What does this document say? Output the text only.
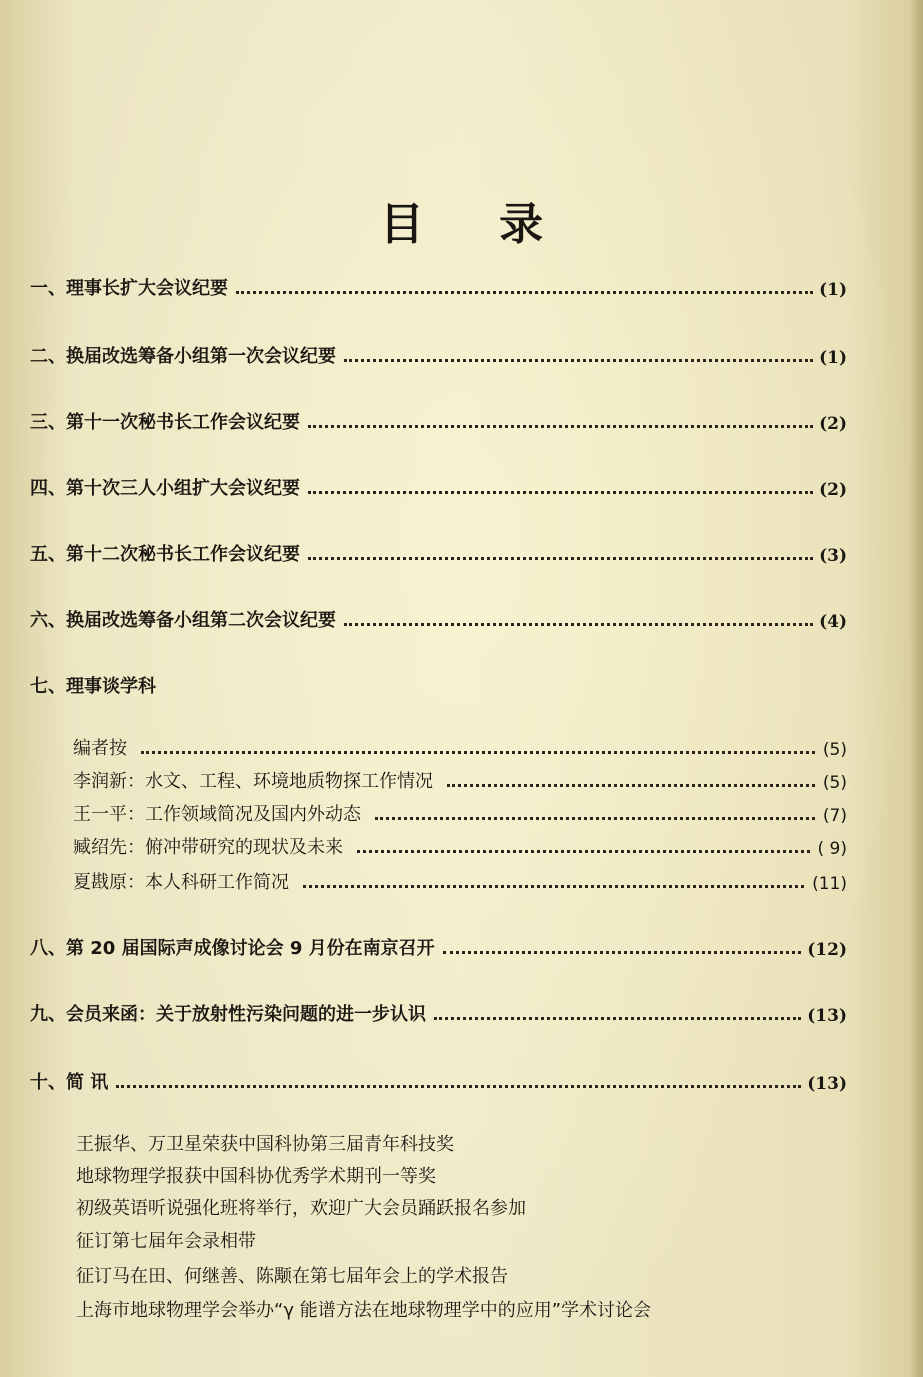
目 录
一、 理事长扩大会议纪要	(1)
二、 换届改选筹备小组第一次会议纪要	(1)
三、 第十一次秘书长工作会议纪要	(2)
四、 第十次三人小组扩大会议纪要	(2)
五、 第十二次秘书长工作会议纪要	(3)
六、 换届改选筹备小组第二次会议纪要	(4)
七、 理事谈学科
编者按	(5)
李润新：水文、工程、环境地质物探工作情况	(5)
王一平：工作领域简况及国内外动态	(7)
臧绍先：俯冲带研究的现状及未来	( 9)
夏戡原：本人科研工作简况	(11)
八、 第 20 届国际声成像讨论会 9 月份在南京召开	(12)
九、 会员来函：关于放射性污染问题的进一步认识	(13)
十、 简 讯	(13)
王振华、万卫星荣获中国科协第三届青年科技奖
地球物理学报获中国科协优秀学术期刊一等奖
初级英语听说强化班将举行，欢迎广大会员踊跃报名参加
征订第七届年会录相带
征订马在田、何继善、陈颙在第七届年会上的学术报告
上海市地球物理学会举办“γ 能谱方法在地球物理学中的应用”学术讨论会
